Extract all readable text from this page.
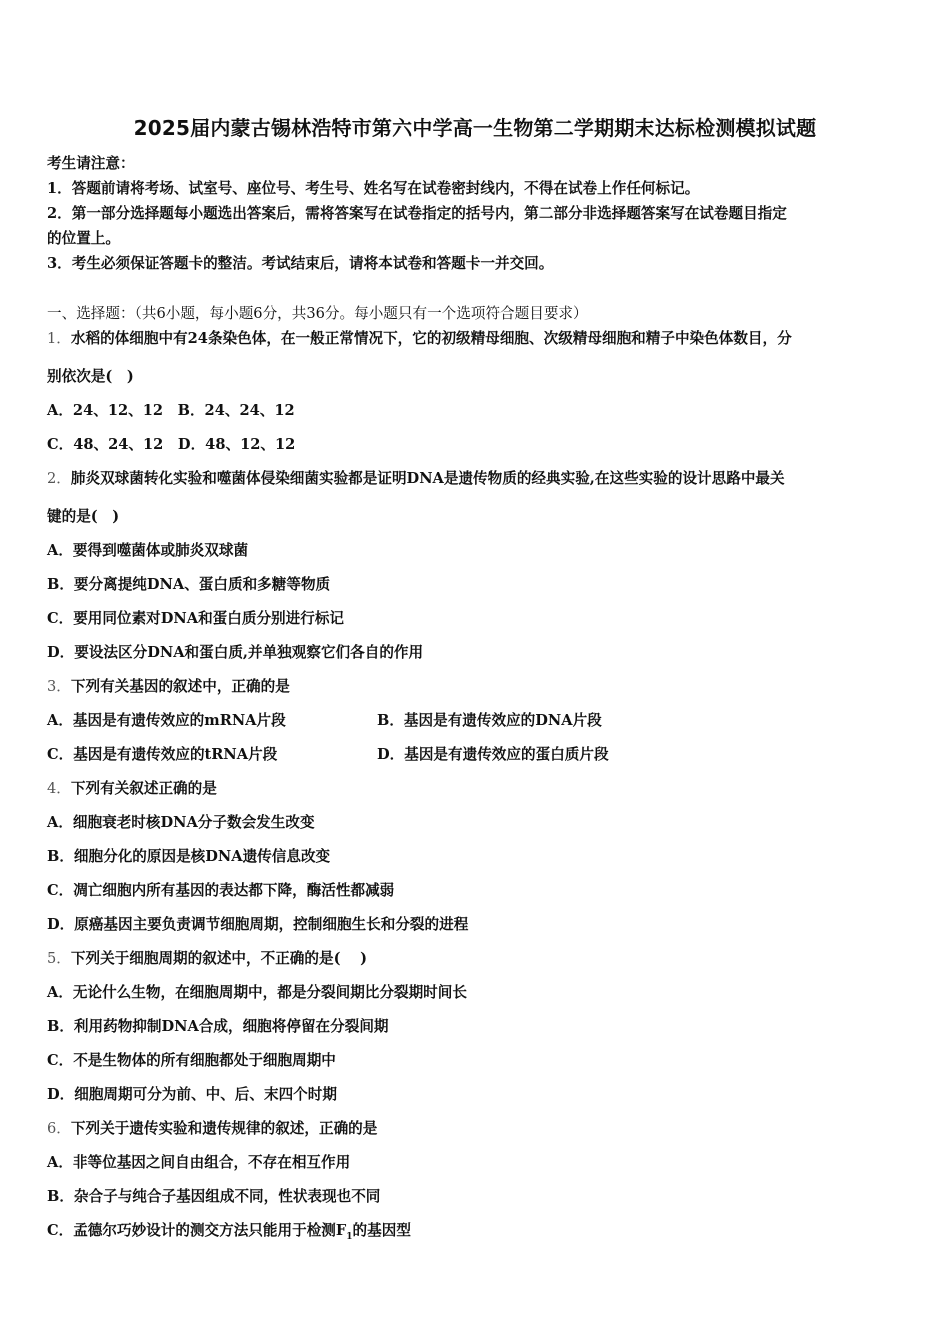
2025届内蒙古锡林浩特市第六中学高一生物第二学期期末达标检测模拟试题
考生请注意：
1．答题前请将考场、试室号、座位号、考生号、姓名写在试卷密封线内，不得在试卷上作任何标记。
2．第一部分选择题每小题选出答案后，需将答案写在试卷指定的括号内，第二部分非选择题答案写在试卷题目指定
的位置上。
3．考生必须保证答题卡的整洁。考试结束后，请将本试卷和答题卡一并交回。
一、选择题：（共6小题，每小题6分，共36分。每小题只有一个选项符合题目要求）
1．水稻的体细胞中有24条染色体，在一般正常情况下，它的初级精母细胞、次级精母细胞和精子中染色体数目，分
别依次是(　)
A．24、12、12　B．24、24、12
C．48、24、12　D．48、12、12
2．肺炎双球菌转化实验和噬菌体侵染细菌实验都是证明DNA是遗传物质的经典实验,在这些实验的设计思路中最关
键的是(　)
A．要得到噬菌体或肺炎双球菌
B．要分离提纯DNA、蛋白质和多糖等物质
C．要用同位素对DNA和蛋白质分别进行标记
D．要设法区分DNA和蛋白质,并单独观察它们各自的作用
3．下列有关基因的叙述中，正确的是
A．基因是有遗传效应的mRNA片段	B．基因是有遗传效应的DNA片段
C．基因是有遗传效应的tRNA片段	D．基因是有遗传效应的蛋白质片段
4．下列有关叙述正确的是
A．细胞衰老时核DNA分子数会发生改变
B．细胞分化的原因是核DNA遗传信息改变
C．凋亡细胞内所有基因的表达都下降，酶活性都减弱
D．原癌基因主要负责调节细胞周期，控制细胞生长和分裂的进程
5．下列关于细胞周期的叙述中，不正确的是(　 )
A．无论什么生物，在细胞周期中，都是分裂间期比分裂期时间长
B．利用药物抑制DNA合成，细胞将停留在分裂间期
C．不是生物体的所有细胞都处于细胞周期中
D．细胞周期可分为前、中、后、末四个时期
6．下列关于遗传实验和遗传规律的叙述，正确的是
A．非等位基因之间自由组合，不存在相互作用
B．杂合子与纯合子基因组成不同，性状表现也不同
C．孟德尔巧妙设计的测交方法只能用于检测$F_1$的基因型
